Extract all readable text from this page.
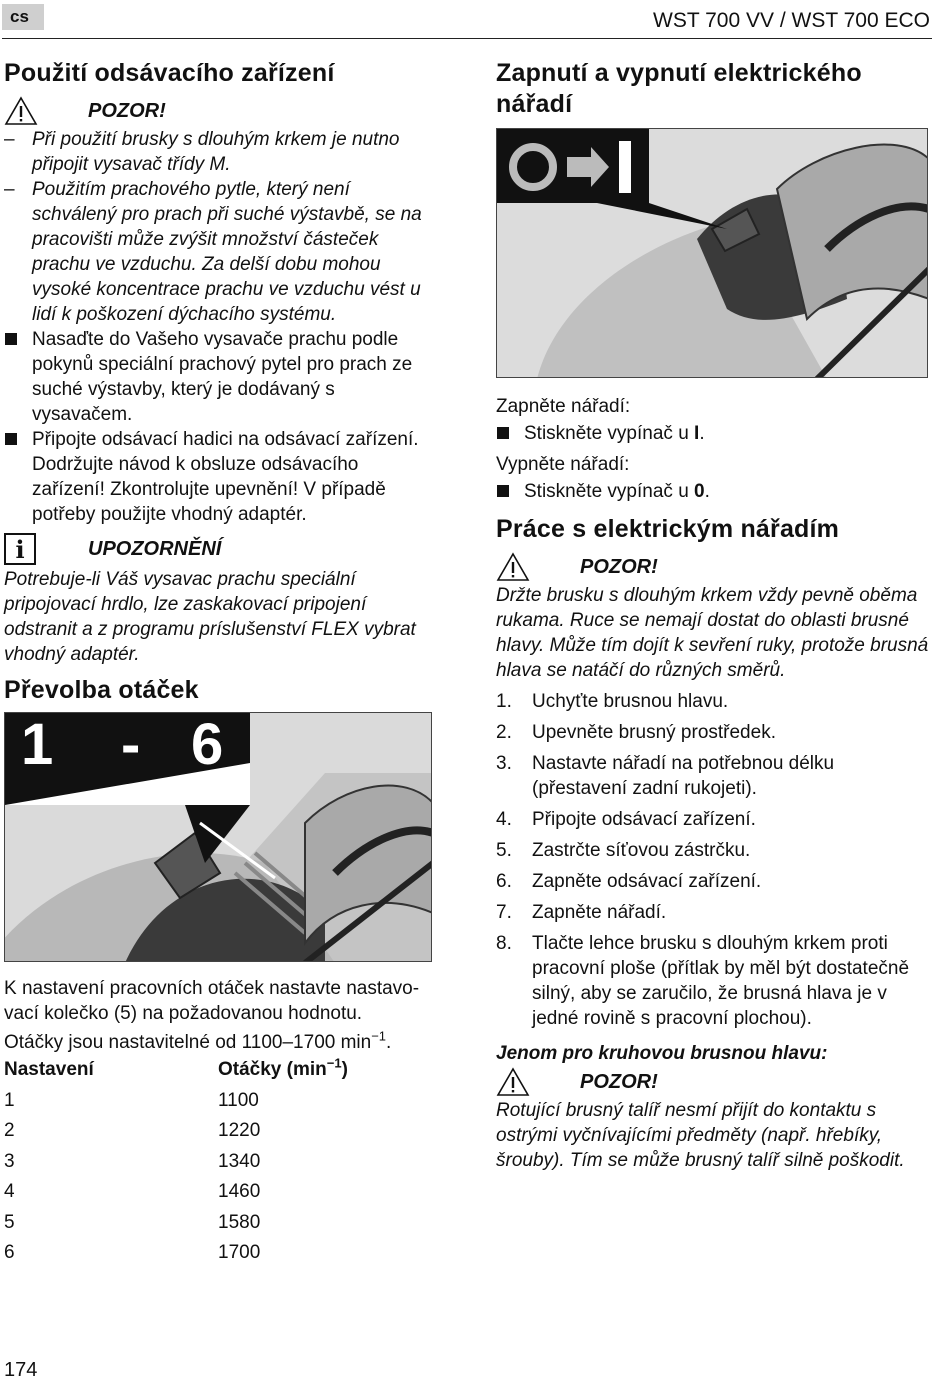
cs	WST 700 VV / WST 700 ECO
Použití odsávacího zařízení
POZOR!
– Při použití brusky s dlouhým krkem je nutno připojit vysavač třídy M.
– Použitím prachového pytle, který není schválený pro prach při suché výstavbě, se na pracovišti může zvýšit množství částeček prachu ve vzduchu. Za delší dobu mohou vysoké koncentrace prachu ve vzduchu vést u lidí k poškození dýchacího systému.
Nasaďte do Vašeho vysavače prachu podle pokynů speciální prachový pytel pro prach ze suché výstavby, který je dodávaný s vysavačem.
Připojte odsávací hadici na odsávací zařízení. Dodržujte návod k obsluze odsávacího zařízení! Zkontrolujte upevnění! V případě potřeby použijte vhodný adaptér.
i	UPOZORNĚNÍ

Potrebuje-li Váš vysavac prachu speciální pripojovací hrdlo, lze zaskakovací pripojení odstranit a z programu príslušenství FLEX vybrat vhodný adaptér.

Převolba otáček
1 - 6

K nastavení pracovních otáček nastavte nastavo-vací kolečko (5) na požadovanou hodnotu.

Otáčky jsou nastavitelné od 1100–1700 $\min^{-1}$.

Nastavení	Otáčky $(\min^{-1})$
1	1100
2	1220
3	1340
4	1460
5	1580
6	1700
Zapnutí a vypnutí elektrického nářadí

Zapněte nářadí:

Stiskněte vypínač u I.

Vypněte nářadí:

Stiskněte vypínač u 0.
Práce s elektrickým nářadím
POZOR!

Držte brusku s dlouhým krkem vždy pevně oběma rukama. Ruce se nemají dostat do oblasti brusné hlavy. Může tím dojít k sevření ruky, protože brusná hlava se natáčí do různých směrů.

1. Uchyťte brusnou hlavu.
2. Upevněte brusný prostředek.
3. Nastavte nářadí na potřebnou délku (přestavení zadní rukojeti).
4. Připojte odsávací zařízení.
5. Zastrčte síťovou zástrčku.
6. Zapněte odsávací zařízení.
7. Zapněte nářadí.
8. Tlačte lehce brusku s dlouhým krkem proti pracovní ploše (přítlak by měl být dostatečně silný, aby se zaručilo, že brusná hlava je v jedné rovině s pracovní plochou).

Jenom pro kruhovou brusnou hlavu:

POZOR!

Rotující brusný talíř nesmí přijít do kontaktu s ostrými vyčnívajícími předměty (např. hřebíky, šrouby). Tím se může brusný talíř silně poškodit.

174
